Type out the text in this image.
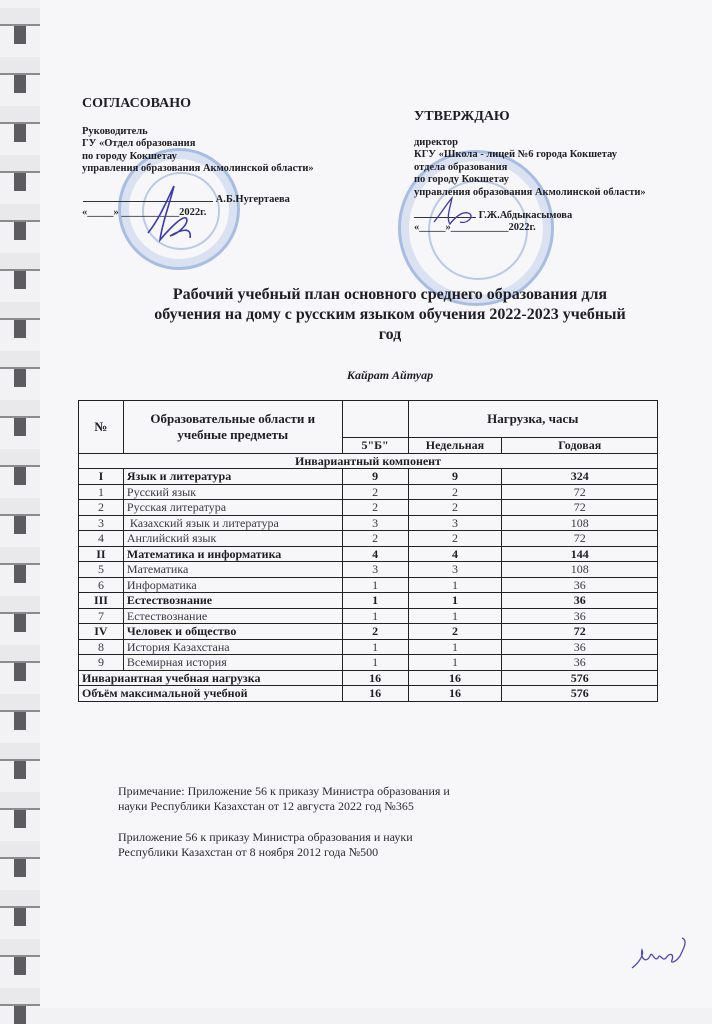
СОГЛАСОВАНО
Руководитель
ГУ «Отдел образования
по городу Кокшетау
управления образования Акмолинской области»
А.Б.Нугертаева
«_____» ___________2022г.
УТВЕРЖДАЮ
директор
КГУ «Школа - лицей №6 города Кокшетау
отдела образования
по городу Кокшетау
управления образования Акмолинской области»
Г.Ж.Абдыкасымова
«_____»___________2022г.
Рабочий учебный план основного среднего образования для
обучения на дому с русским языком обучения 2022-2023 учебный
год
Кайрат Айтуар
№	Образовательные области и учебные предметы		Нагрузка, часы	
		5"Б"	Недельная	Годовая
Инвариантный компонент				
I	Язык и литература	9	9	324
1	Русский язык	2	2	72
2	Русская литература	2	2	72
3	Казахский язык и литература	3	3	108
4	Английский язык	2	2	72
II	Математика и информатика	4	4	144
5	Математика	3	3	108
6	Информатика	1	1	36
III	Естествознание	1	1	36
7	Естествознание	1	1	36
IV	Человек и общество	2	2	72
8	История Казахстана	1	1	36
9	Всемирная история	1	1	36
Инвариантная учебная нагрузка		16	16	576
Объём максимальной учебной		16	16	576
Примечание: Приложение 56 к приказу Министра образования и
науки Республики Казахстан от 12 августа 2022 год №365
Приложение 56 к приказу Министра образования и науки
Республики Казахстан от 8 ноября 2012 года №500
